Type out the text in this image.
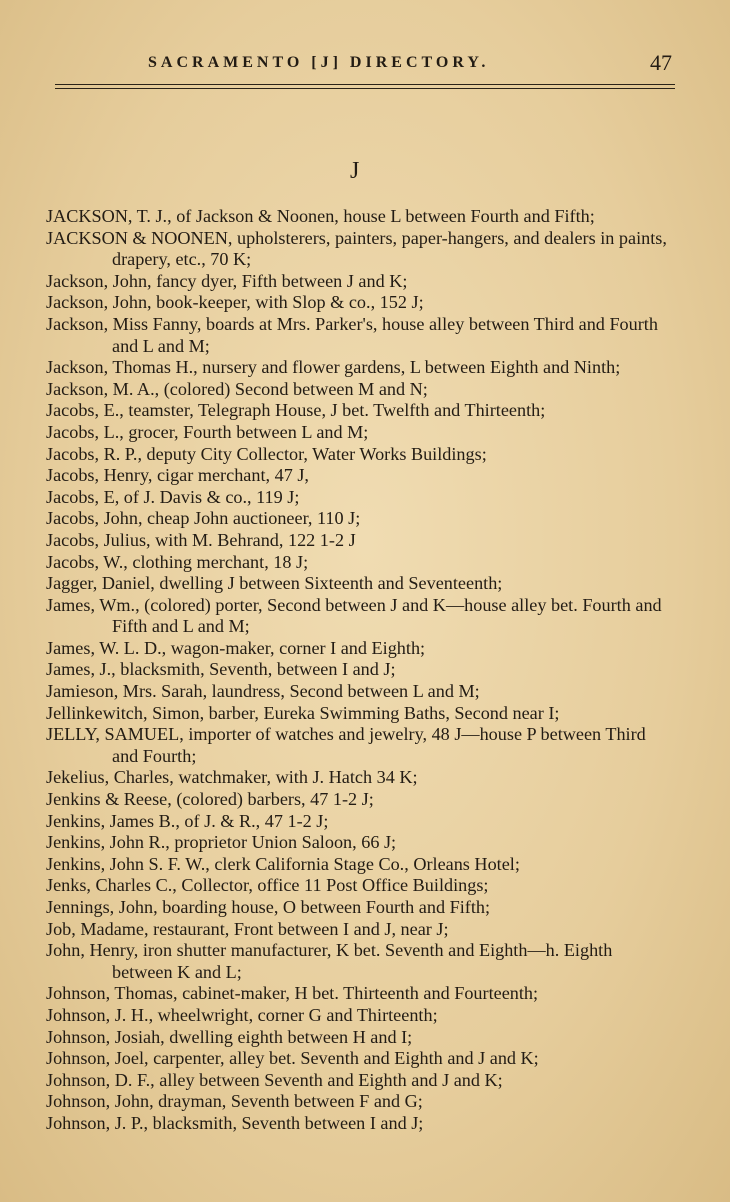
SACRAMENTO [J] DIRECTORY.	47
J
JACKSON, T. J., of Jackson & Noonen, house L between Fourth and Fifth;
JACKSON & NOONEN, upholsterers, painters, paper-hangers, and dealers in paints, drapery, etc., 70 K;
Jackson, John, fancy dyer, Fifth between J and K;
Jackson, John, book-keeper, with Slop & co., 152 J;
Jackson, Miss Fanny, boards at Mrs. Parker's, house alley between Third and Fourth and L and M;
Jackson, Thomas H., nursery and flower gardens, L between Eighth and Ninth;
Jackson, M. A., (colored) Second between M and N;
Jacobs, E., teamster, Telegraph House, J bet. Twelfth and Thirteenth;
Jacobs, L., grocer, Fourth between L and M;
Jacobs, R. P., deputy City Collector, Water Works Buildings;
Jacobs, Henry, cigar merchant, 47 J,
Jacobs, E, of J. Davis & co., 119 J;
Jacobs, John, cheap John auctioneer, 110 J;
Jacobs, Julius, with M. Behrand, 122 1-2 J
Jacobs, W., clothing merchant, 18 J;
Jagger, Daniel, dwelling J between Sixteenth and Seventeenth;
James, Wm., (colored) porter, Second between J and K—house alley bet. Fourth and Fifth and L and M;
James, W. L. D., wagon-maker, corner I and Eighth;
James, J., blacksmith, Seventh, between I and J;
Jamieson, Mrs. Sarah, laundress, Second between L and M;
Jellinkewitch, Simon, barber, Eureka Swimming Baths, Second near I;
JELLY, SAMUEL, importer of watches and jewelry, 48 J—house P between Third and Fourth;
Jekelius, Charles, watchmaker, with J. Hatch 34 K;
Jenkins & Reese, (colored) barbers, 47 1-2 J;
Jenkins, James B., of J. & R., 47 1-2 J;
Jenkins, John R., proprietor Union Saloon, 66 J;
Jenkins, John S. F. W., clerk California Stage Co., Orleans Hotel;
Jenks, Charles C., Collector, office 11 Post Office Buildings;
Jennings, John, boarding house, O between Fourth and Fifth;
Job, Madame, restaurant, Front between I and J, near J;
John, Henry, iron shutter manufacturer, K bet. Seventh and Eighth—h. Eighth between K and L;
Johnson, Thomas, cabinet-maker, H bet. Thirteenth and Fourteenth;
Johnson, J. H., wheelwright, corner G and Thirteenth;
Johnson, Josiah, dwelling eighth between H and I;
Johnson, Joel, carpenter, alley bet. Seventh and Eighth and J and K;
Johnson, D. F., alley between Seventh and Eighth and J and K;
Johnson, John, drayman, Seventh between F and G;
Johnson, J. P., blacksmith, Seventh between I and J;
